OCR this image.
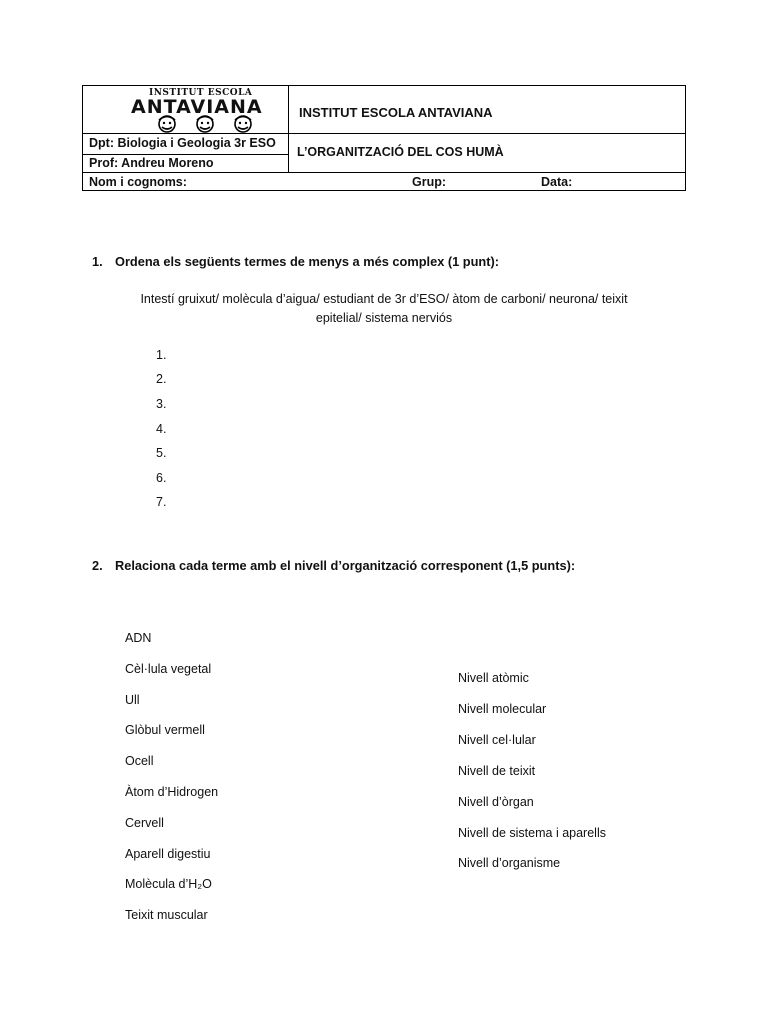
INSTITUT ESCOLA
ANTAVIANA	INSTITUT ESCOLA ANTAVIANA
Dpt: Biologia i Geologia 3r ESO
Prof: Andreu Moreno
L’ORGANITZACIÓ DEL COS HUMÀ
Nom i cognoms:	Grup:	Data:
1. Ordena els següents termes de menys a més complex (1 punt):
Intestí gruixut/ molècula d’aigua/ estudiant de 3r d’ESO/ àtom de carboni/ neurona/ teixit
epitelial/ sistema nerviós
1.
2.
3.
4.
5.
6.
7.
2. Relaciona cada terme amb el nivell d’organització corresponent (1,5 punts):
ADN
Cèl·lula vegetal
Ull
Glòbul vermell
Ocell
Àtom d’Hidrogen
Cervell
Aparell digestiu
Molècula d’H₂O
Teixit muscular
Nivell atòmic
Nivell molecular
Nivell cel·lular
Nivell de teixit
Nivell d’òrgan
Nivell de sistema i aparells
Nivell d’organisme
